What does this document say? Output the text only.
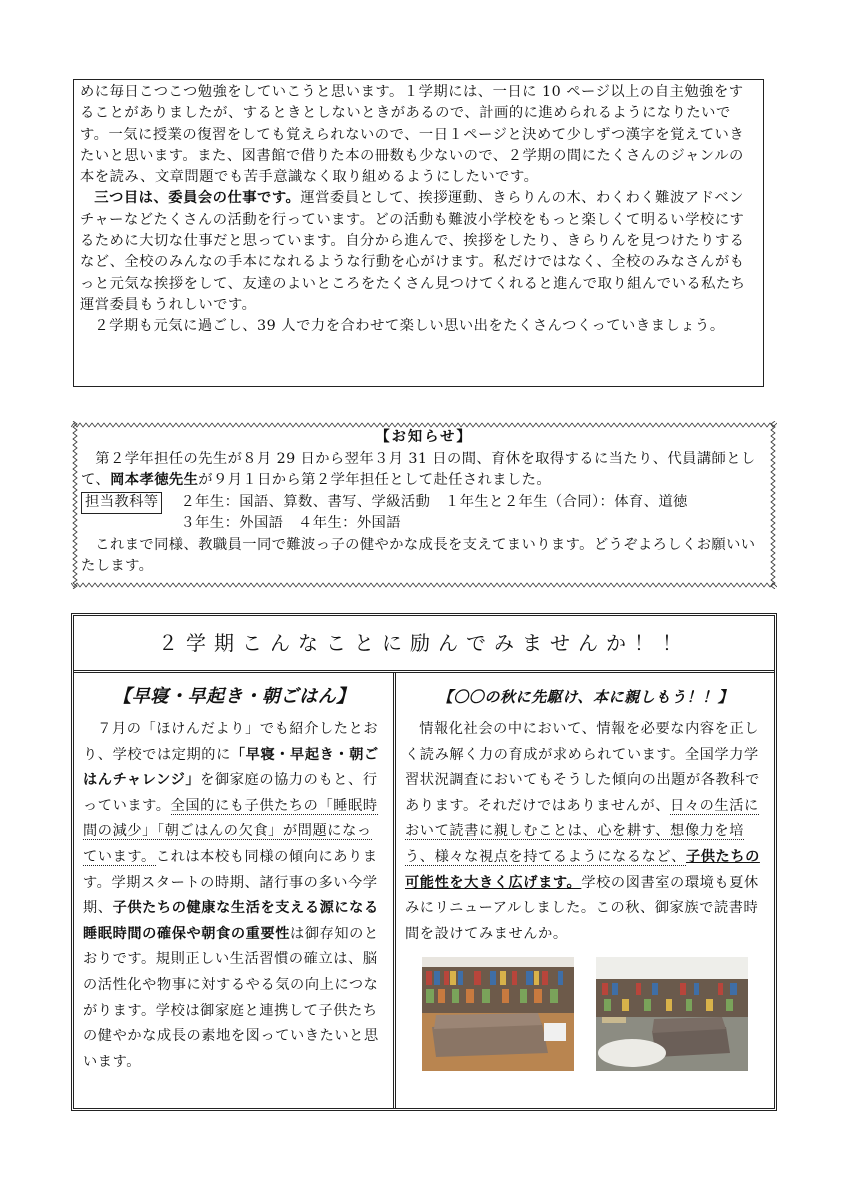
めに毎日こつこつ勉強をしていこうと思います。１学期には、一日に 10 ページ以上の自主勉強をすることがありましたが、するときとしないときがあるので、計画的に進められるようになりたいです。一気に授業の復習をしても覚えられないので、一日１ページと決めて少しずつ漢字を覚えていきたいと思います。また、図書館で借りた本の冊数も少ないので、２学期の間にたくさんのジャンルの本を読み、文章問題でも苦手意識なく取り組めるようにしたいです。

三つ目は、委員会の仕事です。運営委員として、挨拶運動、きらりんの木、わくわく難波アドベンチャーなどたくさんの活動を行っています。どの活動も難波小学校をもっと楽しくて明るい学校にするために大切な仕事だと思っています。自分から進んで、挨拶をしたり、きらりんを見つけたりするなど、全校のみんなの手本になれるような行動を心がけます。私だけではなく、全校のみなさんがもっと元気な挨拶をして、友達のよいところをたくさん見つけてくれると進んで取り組んでいる私たち運営委員もうれしいです。

２学期も元気に過ごし、39 人で力を合わせて楽しい思い出をたくさんつくっていきましょう。

【お知らせ】

第２学年担任の先生が８月 29 日から翌年３月 31 日の間、育休を取得するに当たり、代員講師として、岡本孝徳先生が９月１日から第２学年担任として赴任されました。

担当教科等 ２年生：国語、算数、書写、学級活動　１年生と２年生（合同）：体育、道徳
３年生：外国語　４年生：外国語

これまで同様、教職員一同で難波っ子の健やかな成長を支えてまいります。どうぞよろしくお願いいたします。

２学期こんなことに励んでみませんか！！
【早寝・早起き・朝ごはん】

７月の「ほけんだより」でも紹介したとおり、学校では定期的に「早寝・早起き・朝ごはんチャレンジ」を御家庭の協力のもと、行っています。全国的にも子供たちの「睡眠時間の減少」「朝ごはんの欠食」が問題になっています。これは本校も同様の傾向にあります。学期スタートの時期、諸行事の多い今学期、子供たちの健康な生活を支える源になる睡眠時間の確保や朝食の重要性は御存知のとおりです。規則正しい生活習慣の確立は、脳の活性化や物事に対するやる気の向上につながります。学校は御家庭と連携して子供たちの健やかな成長の素地を図っていきたいと思います。

【〇〇の秋に先駆け、本に親しもう！！】

情報化社会の中において、情報を必要な内容を正しく読み解く力の育成が求められています。全国学力学習状況調査においてもそうした傾向の出題が各教科であります。それだけではありませんが、日々の生活において読書に親しむことは、心を耕す、想像力を培う、様々な視点を持てるようになるなど、子供たちの可能性を大きく広げます。学校の図書室の環境も夏休みにリニューアルしました。この秋、御家族で読書時間を設けてみませんか。
